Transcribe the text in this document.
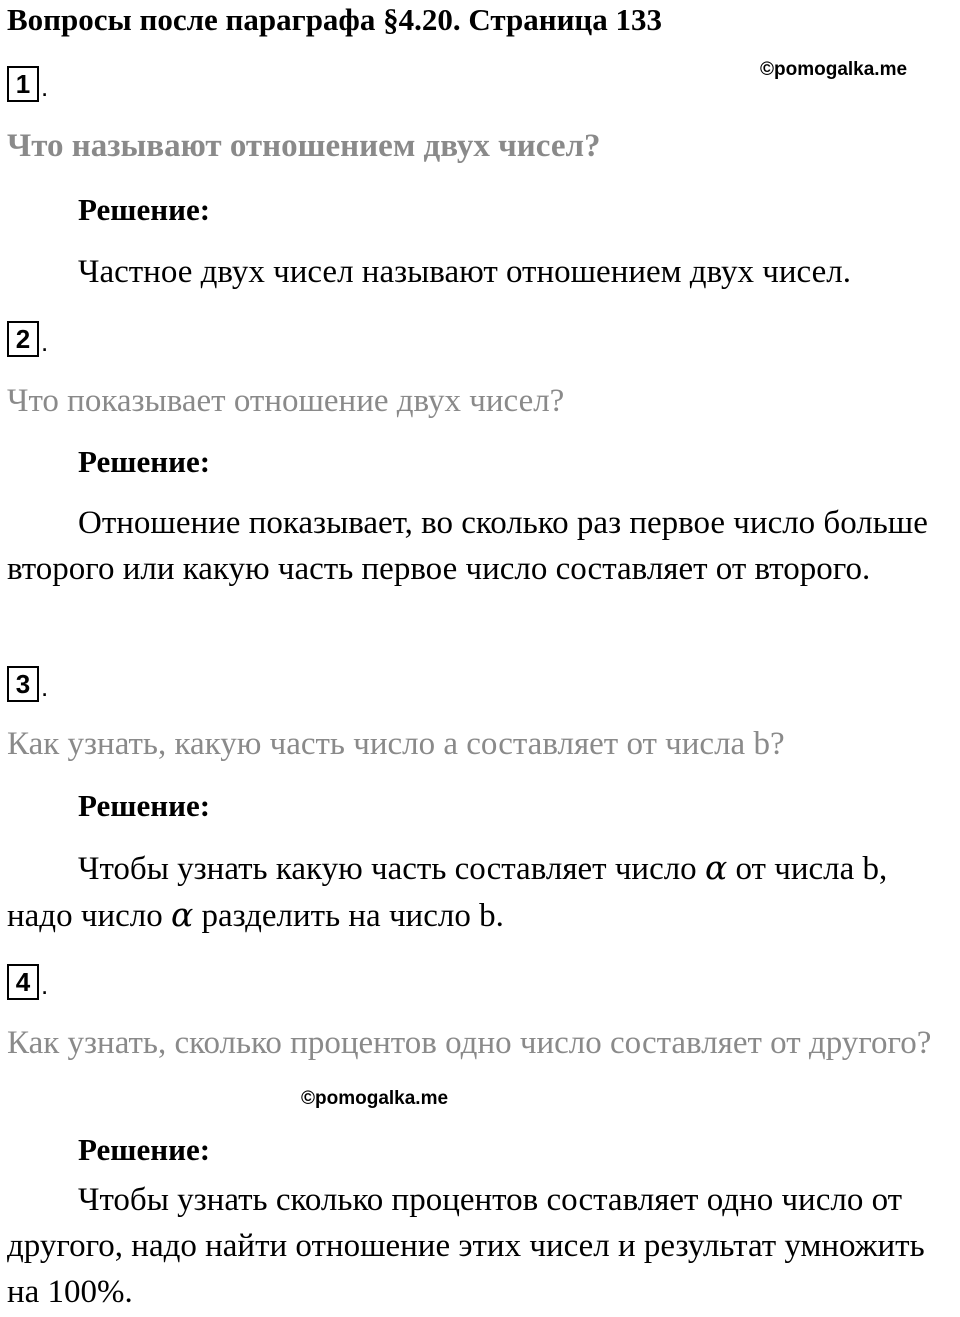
Вопросы после параграфа §4.20. Страница 133
©pomogalka.me
1 .
Что называют отношением двух чисел?
Решение:
Частное двух чисел называют отношением двух чисел.
2 .
Что показывает отношение двух чисел?
Решение:
Отношение показывает, во сколько раз первое число больше второго или какую часть первое число составляет от второго.
3 .
Как узнать, какую часть число a составляет от числа b?
Решение:
Чтобы узнать какую часть составляет число α от числа b, надо число α разделить на число b.
4 .
Как узнать, сколько процентов одно число составляет от другого?
©pomogalka.me
Решение:
Чтобы узнать сколько процентов составляет одно число от другого, надо найти отношение этих чисел и результат умножить на 100%.
